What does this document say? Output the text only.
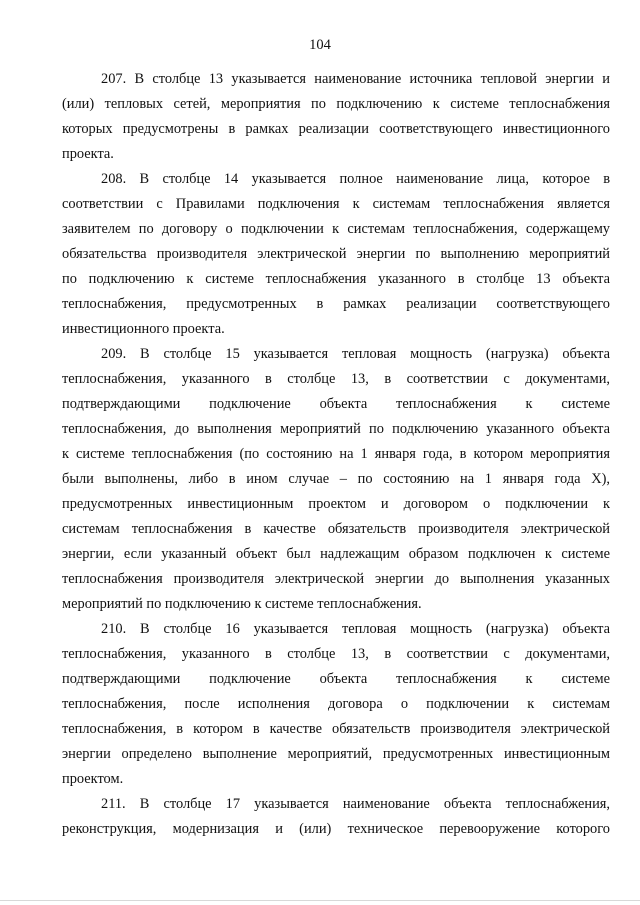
104
207. В столбце 13 указывается наименование источника тепловой энергии и
(или) тепловых сетей, мероприятия по подключению к системе теплоснабжения
которых предусмотрены в рамках реализации соответствующего инвестиционного
проекта.
208. В столбце 14 указывается полное наименование лица, которое в
соответствии с Правилами подключения к системам теплоснабжения является
заявителем по договору о подключении к системам теплоснабжения, содержащему
обязательства производителя электрической энергии по выполнению мероприятий
по подключению к системе теплоснабжения указанного в столбце 13 объекта
теплоснабжения, предусмотренных в рамках реализации соответствующего
инвестиционного проекта.
209. В столбце 15 указывается тепловая мощность (нагрузка) объекта
теплоснабжения, указанного в столбце 13, в соответствии с документами,
подтверждающими подключение объекта теплоснабжения к системе
теплоснабжения, до выполнения мероприятий по подключению указанного объекта
к системе теплоснабжения (по состоянию на 1 января года, в котором мероприятия
были выполнены, либо в ином случае – по состоянию на 1 января года X),
предусмотренных инвестиционным проектом и договором о подключении к
системам теплоснабжения в качестве обязательств производителя электрической
энергии, если указанный объект был надлежащим образом подключен к системе
теплоснабжения производителя электрической энергии до выполнения указанных
мероприятий по подключению к системе теплоснабжения.
210. В столбце 16 указывается тепловая мощность (нагрузка) объекта
теплоснабжения, указанного в столбце 13, в соответствии с документами,
подтверждающими подключение объекта теплоснабжения к системе
теплоснабжения, после исполнения договора о подключении к системам
теплоснабжения, в котором в качестве обязательств производителя электрической
энергии определено выполнение мероприятий, предусмотренных инвестиционным
проектом.
211. В столбце 17 указывается наименование объекта теплоснабжения,
реконструкция, модернизация и (или) техническое перевооружение которого
